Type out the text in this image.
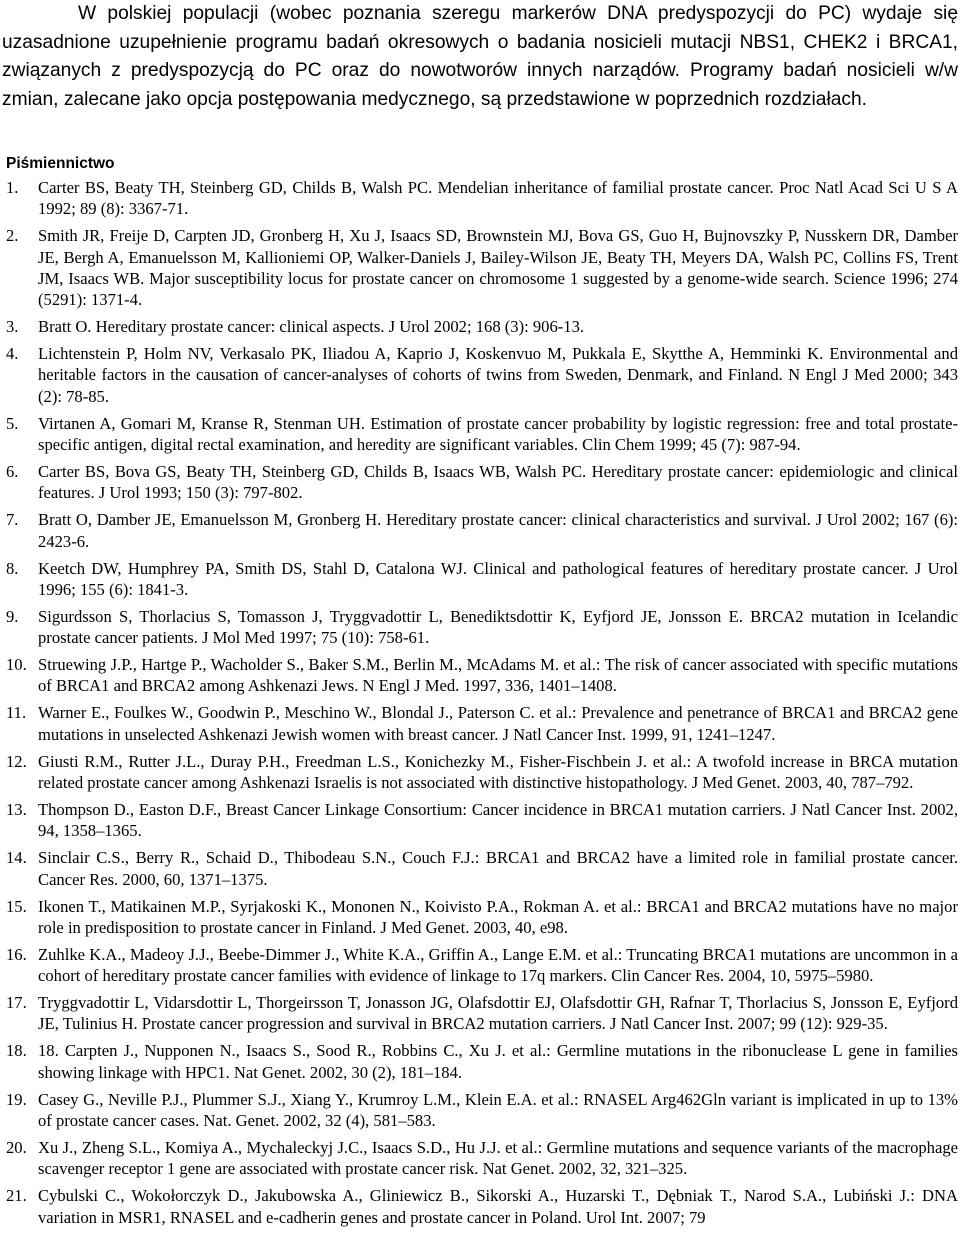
W polskiej populacji (wobec poznania szeregu markerów DNA predyspozycji do PC) wydaje się uzasadnione uzupełnienie programu badań okresowych o badania nosicieli mutacji NBS1, CHEK2 i BRCA1, związanych z predyspozycją do PC oraz do nowotworów innych narządów. Programy badań nosicieli w/w zmian, zalecane jako opcja postępowania medycznego, są przedstawione w poprzednich rozdziałach.

Piśmiennictwo
1.	Carter BS, Beaty TH, Steinberg GD, Childs B, Walsh PC. Mendelian inheritance of familial prostate cancer. Proc Natl Acad Sci U S A 1992; 89 (8): 3367-71.
2.	Smith JR, Freije D, Carpten JD, Gronberg H, Xu J, Isaacs SD, Brownstein MJ, Bova GS, Guo H, Bujnovszky P, Nusskern DR, Damber JE, Bergh A, Emanuelsson M, Kallioniemi OP, Walker-Daniels J, Bailey-Wilson JE, Beaty TH, Meyers DA, Walsh PC, Collins FS, Trent JM, Isaacs WB. Major susceptibility locus for prostate cancer on chromosome 1 suggested by a genome-wide search. Science 1996; 274 (5291): 1371-4.
3.	Bratt O. Hereditary prostate cancer: clinical aspects. J Urol 2002; 168 (3): 906-13.
4.	Lichtenstein P, Holm NV, Verkasalo PK, Iliadou A, Kaprio J, Koskenvuo M, Pukkala E, Skytthe A, Hemminki K. Environmental and heritable factors in the causation of cancer-analyses of cohorts of twins from Sweden, Denmark, and Finland. N Engl J Med 2000; 343 (2): 78-85.
5.	Virtanen A, Gomari M, Kranse R, Stenman UH. Estimation of prostate cancer probability by logistic regression: free and total prostate-specific antigen, digital rectal examination, and heredity are significant variables. Clin Chem 1999; 45 (7): 987-94.
6.	Carter BS, Bova GS, Beaty TH, Steinberg GD, Childs B, Isaacs WB, Walsh PC. Hereditary prostate cancer: epidemiologic and clinical features. J Urol 1993; 150 (3): 797-802.
7.	Bratt O, Damber JE, Emanuelsson M, Gronberg H. Hereditary prostate cancer: clinical characteristics and survival. J Urol 2002; 167 (6): 2423-6.
8.	Keetch DW, Humphrey PA, Smith DS, Stahl D, Catalona WJ. Clinical and pathological features of hereditary prostate cancer. J Urol 1996; 155 (6): 1841-3.
9.	Sigurdsson S, Thorlacius S, Tomasson J, Tryggvadottir L, Benediktsdottir K, Eyfjord JE, Jonsson E. BRCA2 mutation in Icelandic prostate cancer patients. J Mol Med 1997; 75 (10): 758-61.
10. Struewing J.P., Hartge P., Wacholder S., Baker S.M., Berlin M., McAdams M. et al.: The risk of cancer associated with specific mutations of BRCA1 and BRCA2 among Ashkenazi Jews. N Engl J Med. 1997, 336, 1401–1408.
11. Warner E., Foulkes W., Goodwin P., Meschino W., Blondal J., Paterson C. et al.: Prevalence and penetrance of BRCA1 and BRCA2 gene mutations in unselected Ashkenazi Jewish women with breast cancer. J Natl Cancer Inst. 1999, 91, 1241–1247.
12. Giusti R.M., Rutter J.L., Duray P.H., Freedman L.S., Konichezky M., Fisher-Fischbein J. et al.: A twofold increase in BRCA mutation related prostate cancer among Ashkenazi Israelis is not associated with distinctive histopathology. J Med Genet. 2003, 40, 787–792.
13. Thompson D., Easton D.F., Breast Cancer Linkage Consortium: Cancer incidence in BRCA1 mutation carriers. J Natl Cancer Inst. 2002, 94, 1358–1365.
14. Sinclair C.S., Berry R., Schaid D., Thibodeau S.N., Couch F.J.: BRCA1 and BRCA2 have a limited role in familial prostate cancer. Cancer Res. 2000, 60, 1371–1375.
15. Ikonen T., Matikainen M.P., Syrjakoski K., Mononen N., Koivisto P.A., Rokman A. et al.: BRCA1 and BRCA2 mutations have no major role in predisposition to prostate cancer in Finland. J Med Genet. 2003, 40, e98.
16. Zuhlke K.A., Madeoy J.J., Beebe-Dimmer J., White K.A., Griffin A., Lange E.M. et al.: Truncating BRCA1 mutations are uncommon in a cohort of hereditary prostate cancer families with evidence of linkage to 17q markers. Clin Cancer Res. 2004, 10, 5975–5980.
17. Tryggvadottir L, Vidarsdottir L, Thorgeirsson T, Jonasson JG, Olafsdottir EJ, Olafsdottir GH, Rafnar T, Thorlacius S, Jonsson E, Eyfjord JE, Tulinius H. Prostate cancer progression and survival in BRCA2 mutation carriers. J Natl Cancer Inst. 2007; 99 (12): 929-35.
18. 18. Carpten J., Nupponen N., Isaacs S., Sood R., Robbins C., Xu J. et al.: Germline mutations in the ribonuclease L gene in families showing linkage with HPC1. Nat Genet. 2002, 30 (2), 181–184.
19. Casey G., Neville P.J., Plummer S.J., Xiang Y., Krumroy L.M., Klein E.A. et al.: RNASEL Arg462Gln variant is implicated in up to 13% of prostate cancer cases. Nat. Genet. 2002, 32 (4), 581–583.
20. Xu J., Zheng S.L., Komiya A., Mychaleckyj J.C., Isaacs S.D., Hu J.J. et al.: Germline mutations and sequence variants of the macrophage scavenger receptor 1 gene are associated with prostate cancer risk. Nat Genet. 2002, 32, 321–325.
21. Cybulski C., Wokołorczyk D., Jakubowska A., Gliniewicz B., Sikorski A., Huzarski T., Dębniak T., Narod S.A., Lubiński J.: DNA variation in MSR1, RNASEL and e-cadherin genes and prostate cancer in Poland. Urol Int. 2007; 79
